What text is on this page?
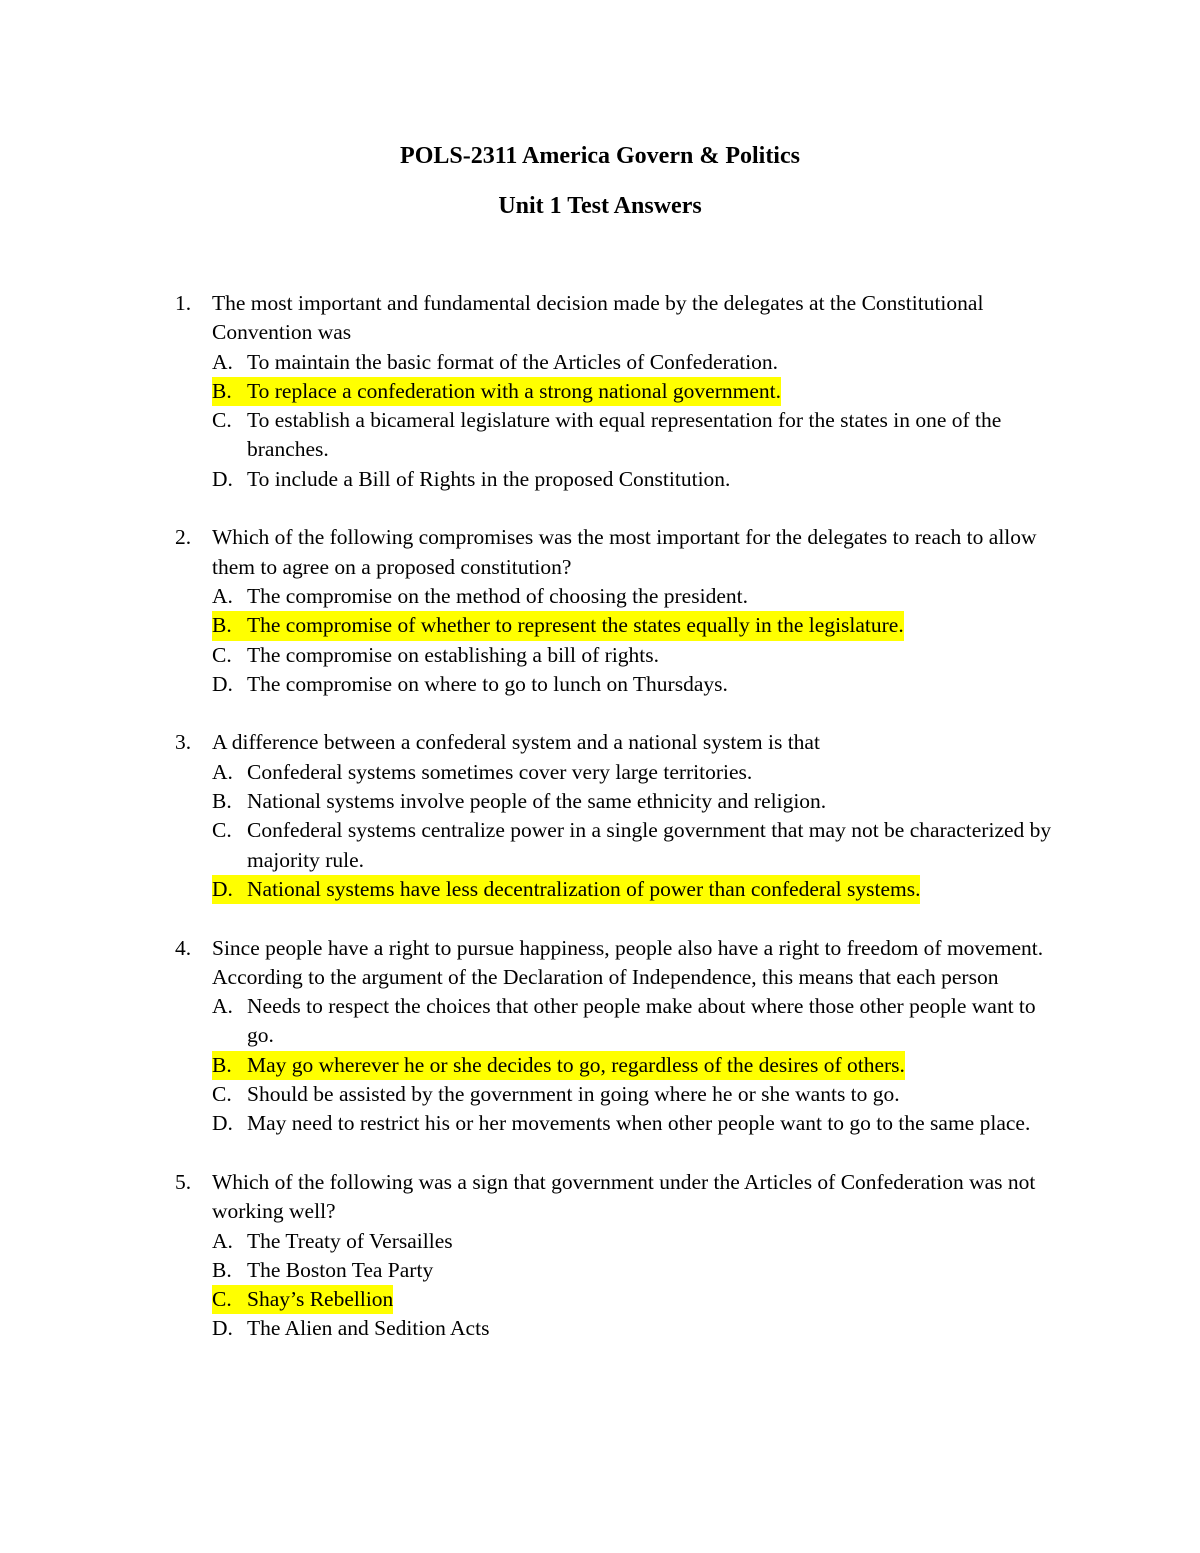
POLS-2311 America Govern & Politics
Unit 1 Test Answers
1. The most important and fundamental decision made by the delegates at the Constitutional Convention was
A. To maintain the basic format of the Articles of Confederation.
B. To replace a confederation with a strong national government.
C. To establish a bicameral legislature with equal representation for the states in one of the branches.
D. To include a Bill of Rights in the proposed Constitution.
2. Which of the following compromises was the most important for the delegates to reach to allow them to agree on a proposed constitution?
A. The compromise on the method of choosing the president.
B. The compromise of whether to represent the states equally in the legislature.
C. The compromise on establishing a bill of rights.
D. The compromise on where to go to lunch on Thursdays.
3. A difference between a confederal system and a national system is that
A. Confederal systems sometimes cover very large territories.
B. National systems involve people of the same ethnicity and religion.
C. Confederal systems centralize power in a single government that may not be characterized by majority rule.
D. National systems have less decentralization of power than confederal systems.
4. Since people have a right to pursue happiness, people also have a right to freedom of movement. According to the argument of the Declaration of Independence, this means that each person
A. Needs to respect the choices that other people make about where those other people want to go.
B. May go wherever he or she decides to go, regardless of the desires of others.
C. Should be assisted by the government in going where he or she wants to go.
D. May need to restrict his or her movements when other people want to go to the same place.
5. Which of the following was a sign that government under the Articles of Confederation was not working well?
A. The Treaty of Versailles
B. The Boston Tea Party
C. Shay’s Rebellion
D. The Alien and Sedition Acts
